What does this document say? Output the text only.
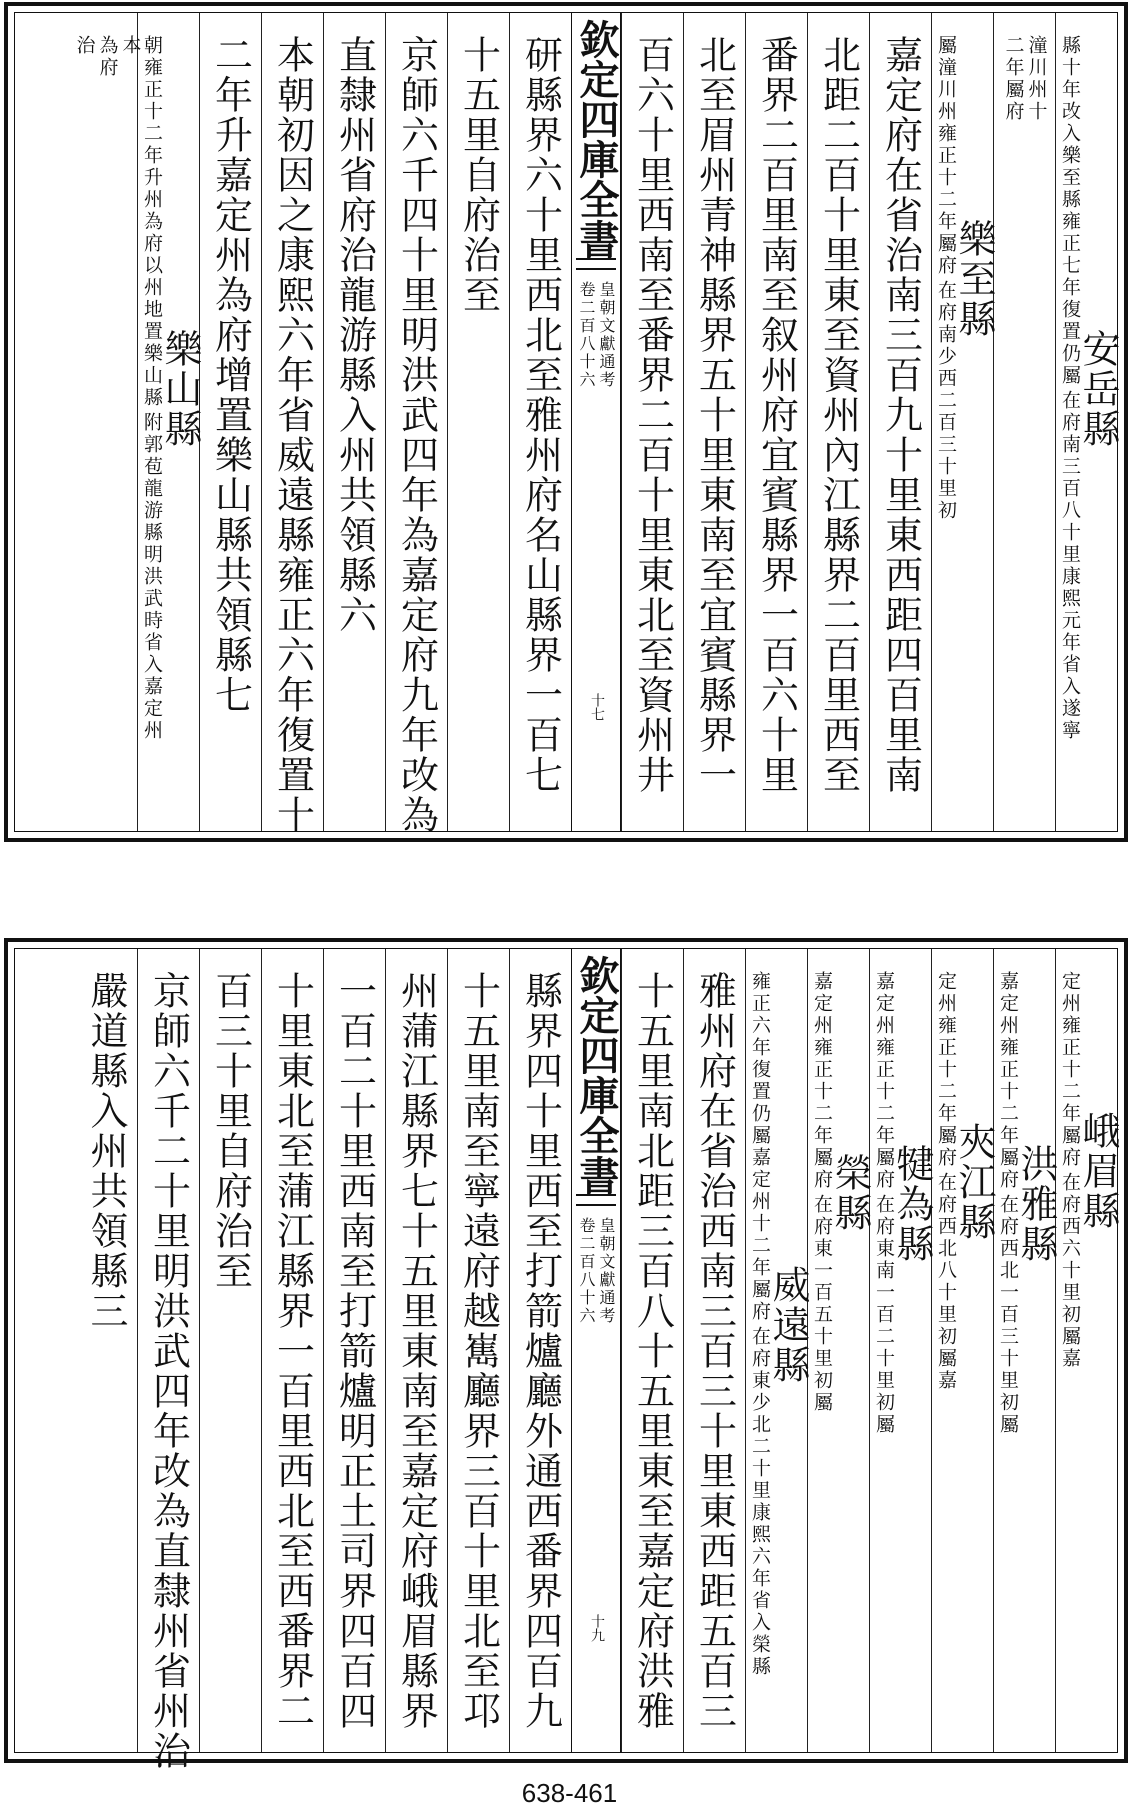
安岳縣
在府南三百八十里康熙元年省入遂寧
縣十年改入樂至縣雍正七年復置仍屬
潼川州十
二年屬府
樂至縣
在府南少西二百三十里初
屬潼川州雍正十二年屬府
嘉定府在省治南三百九十里東西距四百里南
北距二百十里東至資州內江縣界二百里西至
番界二百里南至叙州府宜賓縣界一百六十里
北至眉州青神縣界五十里東南至宜賓縣界一
百六十里西南至番界二百十里東北至資州井
欽定四庫全書
皇朝文獻通考
卷二百八十六
十七
研縣界六十里西北至雅州府名山縣界一百七
十五里自府治至
京師六千四十里明洪武四年為嘉定府九年改為
直隸州省府治龍游縣入州共領縣六
本朝初因之康熙六年省威遠縣雍正六年復置十
二年升嘉定州為府增置樂山縣共領縣七
樂山縣
附郭苞龍游縣明洪武時省入嘉定州
朝雍正十二年升州為府以州地置樂山縣
本
為府
治
峨眉縣
在府西六十里初屬嘉
定州雍正十二年屬府
洪雅縣
在府西北一百三十里初屬
嘉定州雍正十二年屬府
夾江縣
在府西北八十里初屬嘉
定州雍正十二年屬府
犍為縣
在府東南一百二十里初屬
嘉定州雍正十二年屬府
榮縣
在府東一百五十里初屬
嘉定州雍正十二年屬府
威遠縣
在府東少北二十里康熙六年省入榮縣
雍正六年復置仍屬嘉定州十二年屬府
雅州府在省治西南三百三十里東西距五百三
十五里南北距三百八十五里東至嘉定府洪雅
欽定四庫全書
皇朝文獻通考
卷二百八十六
十九
縣界四十里西至打箭爐廳外通西番界四百九
十五里南至寧遠府越嶲廳界三百十里北至邛
州蒲江縣界七十五里東南至嘉定府峨眉縣界
一百二十里西南至打箭爐明正土司界四百四
十里東北至蒲江縣界一百里西北至西番界二
百三十里自府治至
京師六千二十里明洪武四年改為直隸州省州治
嚴道縣入州共領縣三
638-461
